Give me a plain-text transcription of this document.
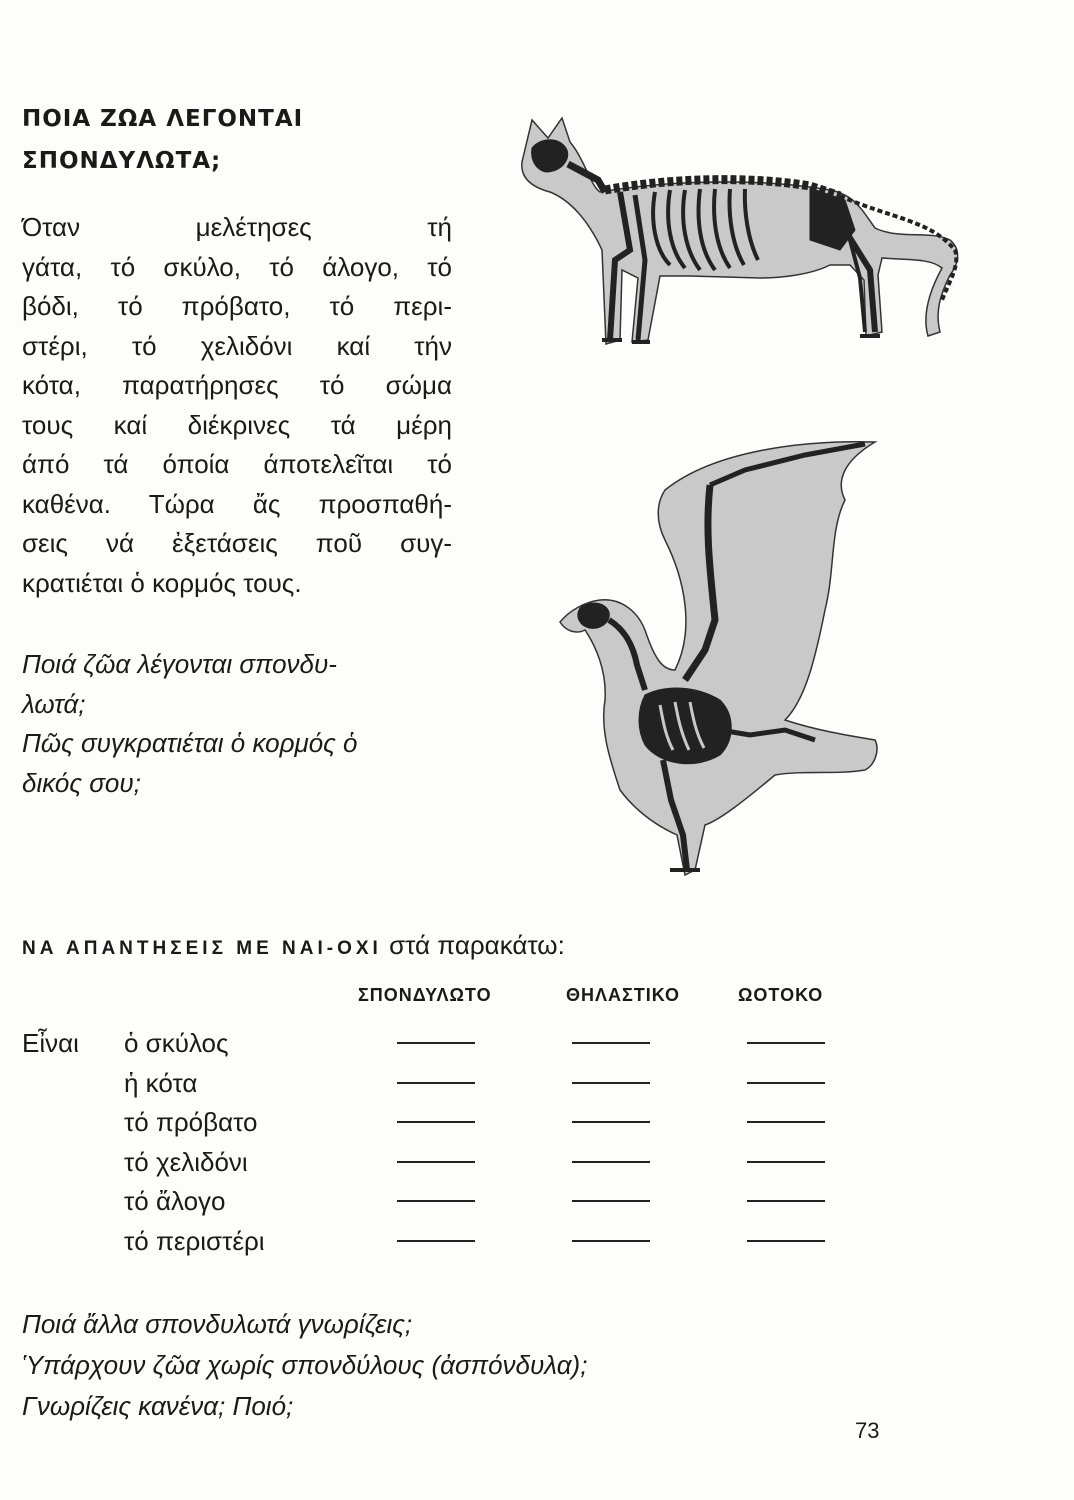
ΠΟΙΑ ΖΩΑ ΛΕΓΟΝΤΑΙ
ΣΠΟΝΔΥΛΩΤΑ;
Όταν μελέτησες τή
γάτα, τό σκύλο, τό άλογο, τό
βόδι, τό πρόβατο, τό περι-
στέρι, τό χελιδόνι καί τήν
κότα, παρατήρησες τό σώμα
τους καί διέκρινες τά μέρη
άπό τά όποία άποτελεῖται τό
καθένα. Τώρα ἄς προσπαθή-
σεις νά ἐξετάσεις ποῦ συγ-
κρατιέται ὁ κορμός τους.
Ποιά ζῶα λέγονται σπονδυ-
λωτά;
Πῶς συγκρατιέται ὁ κορμός ὁ
δικός σου;
ΝΑ ΑΠΑΝΤΗΣΕΙΣ ΜΕ ΝΑΙ-ΟΧΙ στά παρακάτω:
ΣΠΟΝΔΥΛΩΤΟ	ΘΗΛΑΣΤΙΚΟ	ΩΟΤΟΚΟ
Εἶναι ὁ σκύλος
ἡ κότα
τό πρόβατο
τό χελιδόνι
τό ἄλογο
τό περιστέρι
Ποιά ἄλλα σπονδυλωτά γνωρίζεις;
Ὑπάρχουν ζῶα χωρίς σπονδύλους (ἀσπόνδυλα);
Γνωρίζεις κανένα; Ποιό;
73
